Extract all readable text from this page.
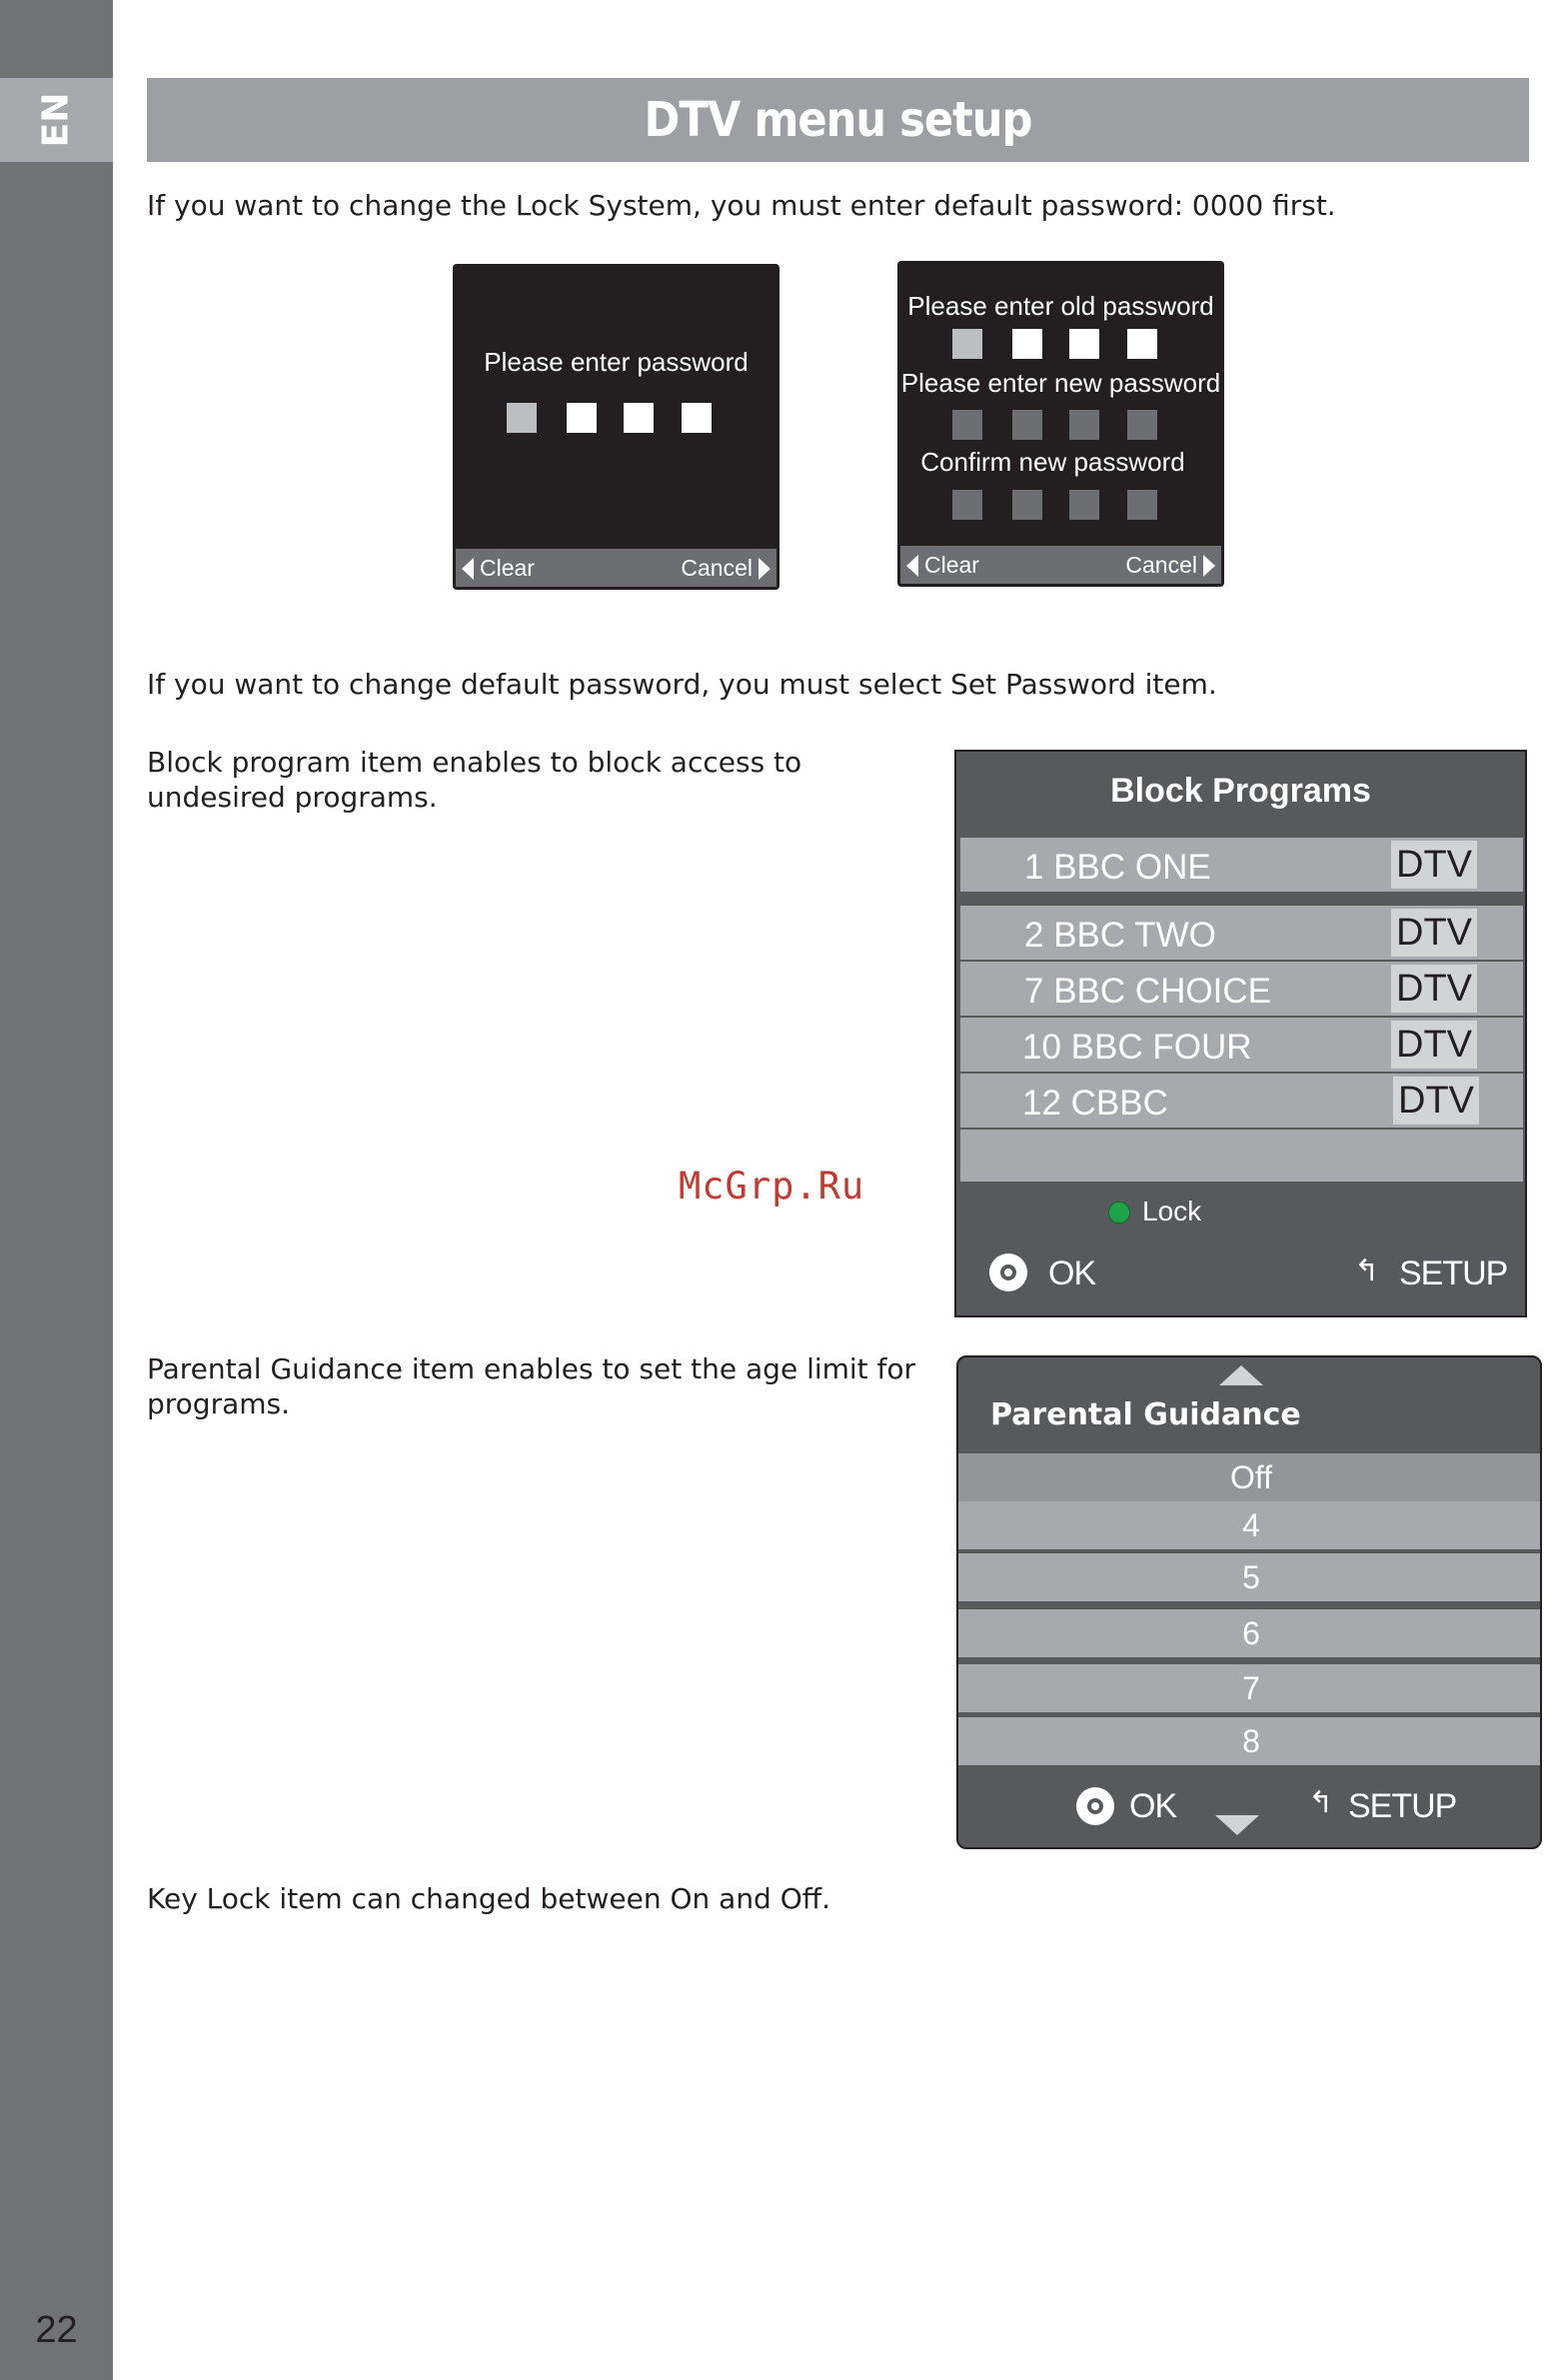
EN
22
DTV menu setup
If you want to change the Lock System, you must enter default password: 0000 first.
Please enter password
Clear	Cancel
Please enter old password
Please enter new password
Confirm new password
Clear	Cancel
If you want to change default password, you must select Set Password item.
Block program item enables to block access to undesired programs.
McGrp.Ru
Block Programs
1 BBC ONE	DTV
2 BBC TWO	DTV
7 BBC CHOICE	DTV
10 BBC FOUR	DTV
12 CBBC	DTV
Lock
OK	↰ SETUP
Parental Guidance item enables to set the age limit for programs.	Parental Guidance
Off
4
5
6
7
8
OK	↰ SETUP
Key Lock item can changed between On and Off.
